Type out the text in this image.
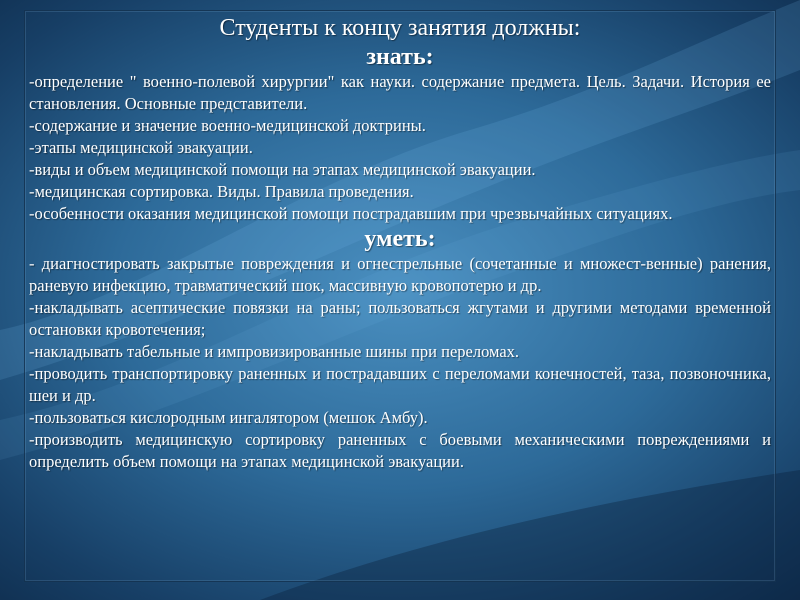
Студенты к концу занятия должны:
знать:

-определение " военно-полевой хирургии" как науки. содержание предмета. Цель. Задачи. История ее становления. Основные представители.

-содержание и значение военно-медицинской доктрины.

-этапы медицинской эвакуации.

-виды и объем медицинской помощи на этапах медицинской эвакуации.

-медицинская сортировка. Виды. Правила проведения.

-особенности оказания медицинской помощи пострадавшим при чрезвычайных ситуациях.

уметь:

- диагностировать закрытые повреждения и огнестрельные (сочетанные и множест-венные) ранения, раневую инфекцию, травматический шок, массивную кровопотерю и др.

-накладывать асептические повязки на раны; пользоваться жгутами и другими методами временной остановки кровотечения;

-накладывать табельные и импровизированные шины при переломах.

-проводить транспортировку раненных и пострадавших с переломами конечностей, таза, позвоночника, шеи и др.

-пользоваться кислородным ингалятором (мешок Амбу).

-производить медицинскую сортировку раненных с боевыми механическими повреждениями и определить объем помощи на этапах медицинской эвакуации.
